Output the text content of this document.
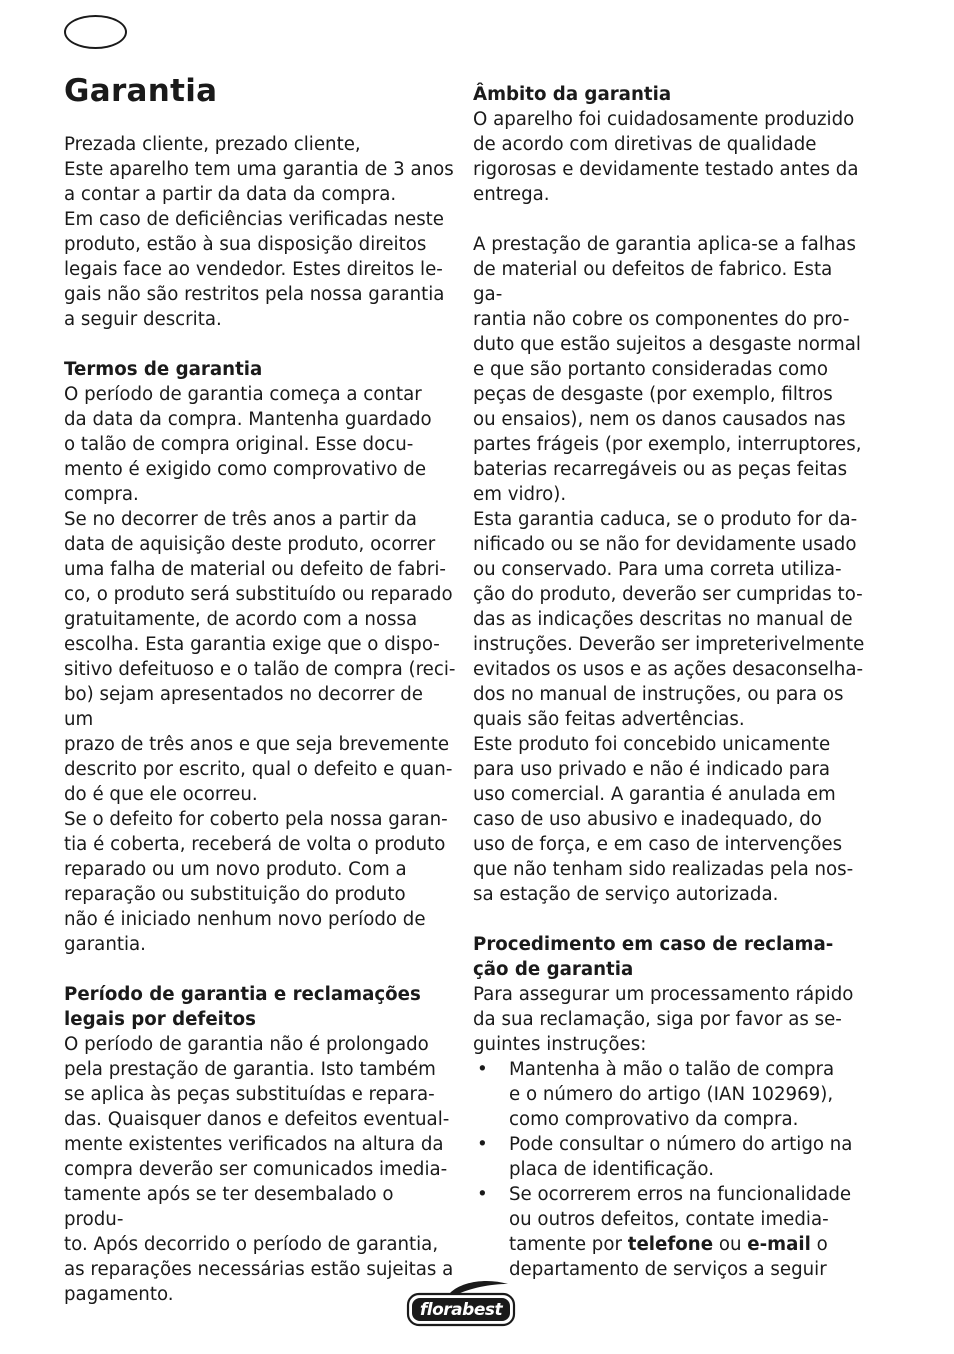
Garantia

Prezada cliente, prezado cliente,

Este aparelho tem uma garantia de 3 anos

a contar a partir da data da compra.

Em caso de deficiências verificadas neste

produto, estão à sua disposição direitos

legais face ao vendedor. Estes direitos le-

gais não são restritos pela nossa garantia

a seguir descrita.

Termos de garantia

O período de garantia começa a contar

da data da compra. Mantenha guardado

o talão de compra original. Esse docu-

mento é exigido como comprovativo de

compra.

Se no decorrer de três anos a partir da

data de aquisição deste produto, ocorrer

uma falha de material ou defeito de fabri-

co, o produto será substituído ou reparado

gratuitamente, de acordo com a nossa

escolha. Esta garantia exige que o dispo-

sitivo defeituoso e o talão de compra (reci-

bo) sejam apresentados no decorrer de um

prazo de três anos e que seja brevemente

descrito por escrito, qual o defeito e quan-

do é que ele ocorreu.

Se o defeito for coberto pela nossa garan-

tia é coberta, receberá de volta o produto

reparado ou um novo produto. Com a

reparação ou substituição do produto

não é iniciado nenhum novo período de

garantia.

Período de garantia e reclamações

legais por defeitos

O período de garantia não é prolongado

pela prestação de garantia. Isto também

se aplica às peças substituídas e repara-

das. Quaisquer danos e defeitos eventual-

mente existentes verificados na altura da

compra deverão ser comunicados imedia-

tamente após se ter desembalado o produ-

to. Após decorrido o período de garantia,

as reparações necessárias estão sujeitas a

pagamento.

Âmbito da garantia

O aparelho foi cuidadosamente produzido

de acordo com diretivas de qualidade

rigorosas e devidamente testado antes da

entrega.

A prestação de garantia aplica-se a falhas

de material ou defeitos de fabrico. Esta ga-

rantia não cobre os componentes do pro-

duto que estão sujeitos a desgaste normal

e que são portanto consideradas como

peças de desgaste (por exemplo, filtros

ou ensaios), nem os danos causados nas

partes frágeis (por exemplo, interruptores,

baterias recarregáveis ou as peças feitas

em vidro).

Esta garantia caduca, se o produto for da-

nificado ou se não for devidamente usado

ou conservado. Para uma correta utiliza-

ção do produto, deverão ser cumpridas to-

das as indicações descritas no manual de

instruções. Deverão ser impreterivelmente

evitados os usos e as ações desaconselha-

dos no manual de instruções, ou para os

quais são feitas advertências.

Este produto foi concebido unicamente

para uso privado e não é indicado para

uso comercial. A garantia é anulada em

caso de uso abusivo e inadequado, do

uso de força, e em caso de intervenções

que não tenham sido realizadas pela nos-

sa estação de serviço autorizada.

Procedimento em caso de reclama-

ção de garantia

Para assegurar um processamento rápido

da sua reclamação, siga por favor as se-

guintes instruções:

• Mantenha à mão o talão de compra
e o número do artigo (IAN 102969),
como comprovativo da compra.
• Pode consultar o número do artigo na
placa de identificação.
• Se ocorrerem erros na funcionalidade
ou outros defeitos, contate imedia-
tamente por telefone ou e-mail o
departamento de serviços a seguir
florabest
